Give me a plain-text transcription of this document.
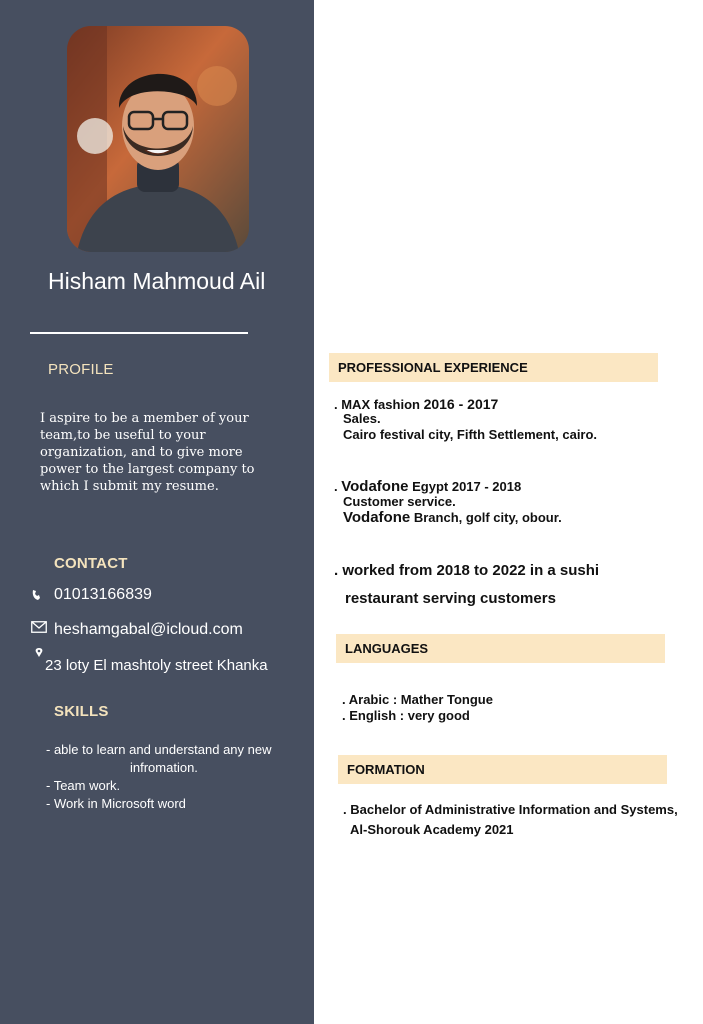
Hisham Mahmoud Ail
PROFILE
I aspire to be a member of your
team,to be useful to your
organization, and to give more
power to the largest company to
which I submit my resume.
CONTACT
01013166839
heshamgabal@icloud.com
23 loty El mashtoly street Khanka
SKILLS
- able to learn and understand any new
infromation.
- Team work.
- Work in Microsoft word
PROFESSIONAL EXPERIENCE
. MAX fashion 2016 - 2017
Sales.
Cairo festival city, Fifth Settlement, cairo.
. Vodafone Egypt 2017 - 2018
Customer service.
Vodafone Branch, golf city, obour.
. worked from 2018 to 2022 in a sushi
restaurant serving customers
LANGUAGES
. Arabic : Mather Tongue
. English : very good
FORMATION
. Bachelor of Administrative Information and Systems,
Al-Shorouk Academy 2021
